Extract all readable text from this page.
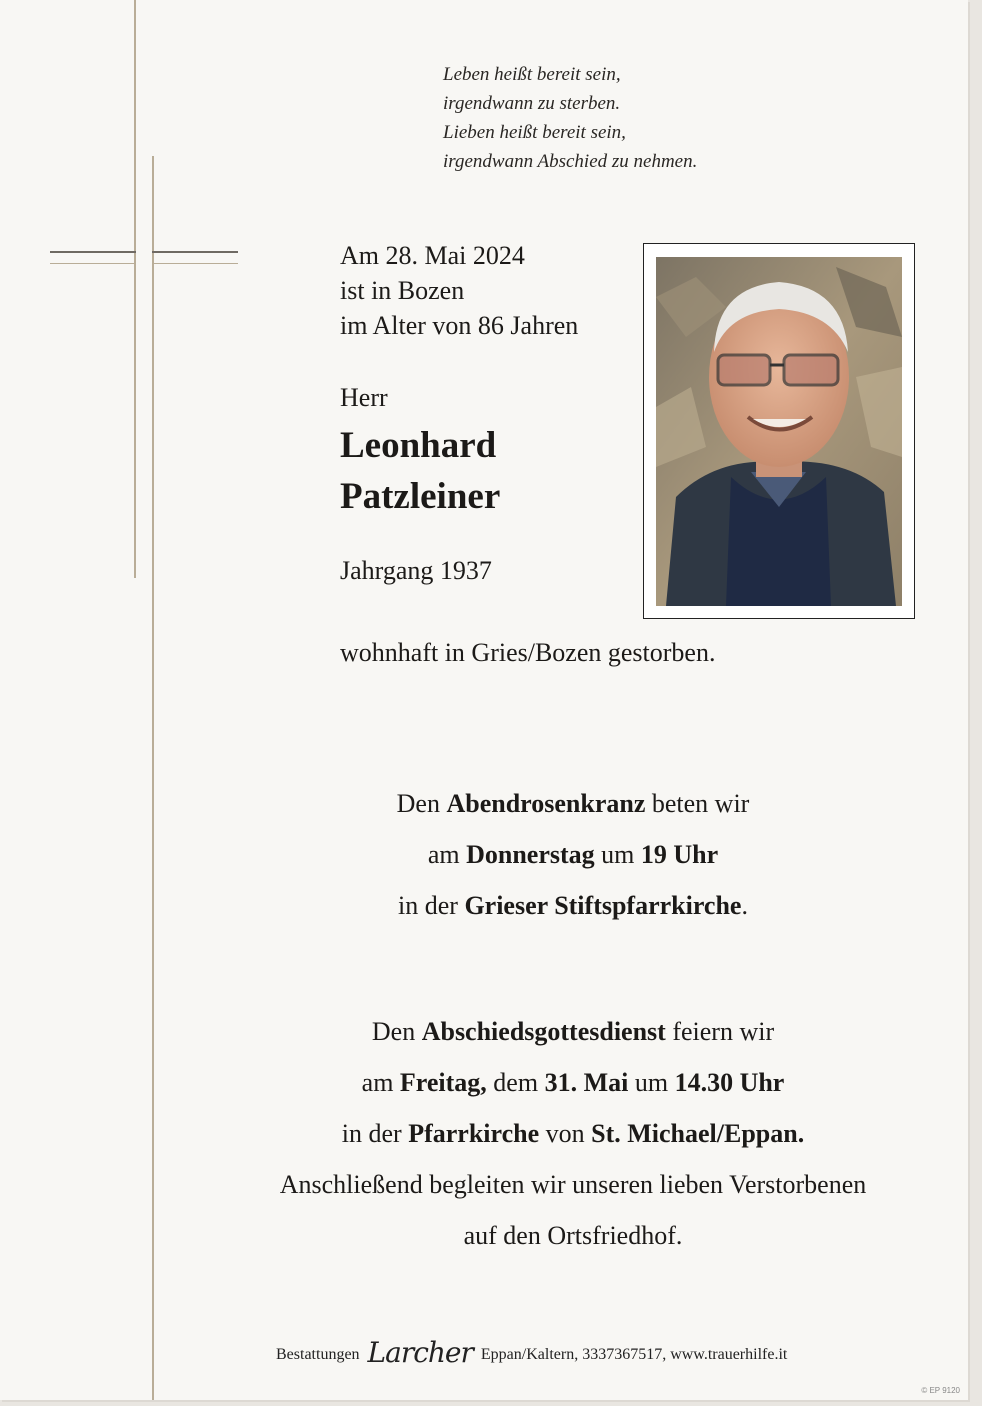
Leben heißt bereit sein,
irgendwann zu sterben.
Lieben heißt bereit sein,
irgendwann Abschied zu nehmen.
Am 28. Mai 2024
ist in Bozen
im Alter von 86 Jahren
Herr
Leonhard
Patzleiner
Jahrgang 1937
wohnhaft in Gries/Bozen gestorben.
Den Abendrosenkranz beten wir
am Donnerstag um 19 Uhr
in der Grieser Stiftspfarrkirche.
Den Abschiedsgottesdienst feiern wir
am Freitag, dem 31. Mai um 14.30 Uhr
in der Pfarrkirche von St. Michael/Eppan.
Anschließend begleiten wir unseren lieben Verstorbenen
auf den Ortsfriedhof.
Bestattungen Larcher Eppan/Kaltern, 3337367517, www.trauerhilfe.it
© EP 9120
